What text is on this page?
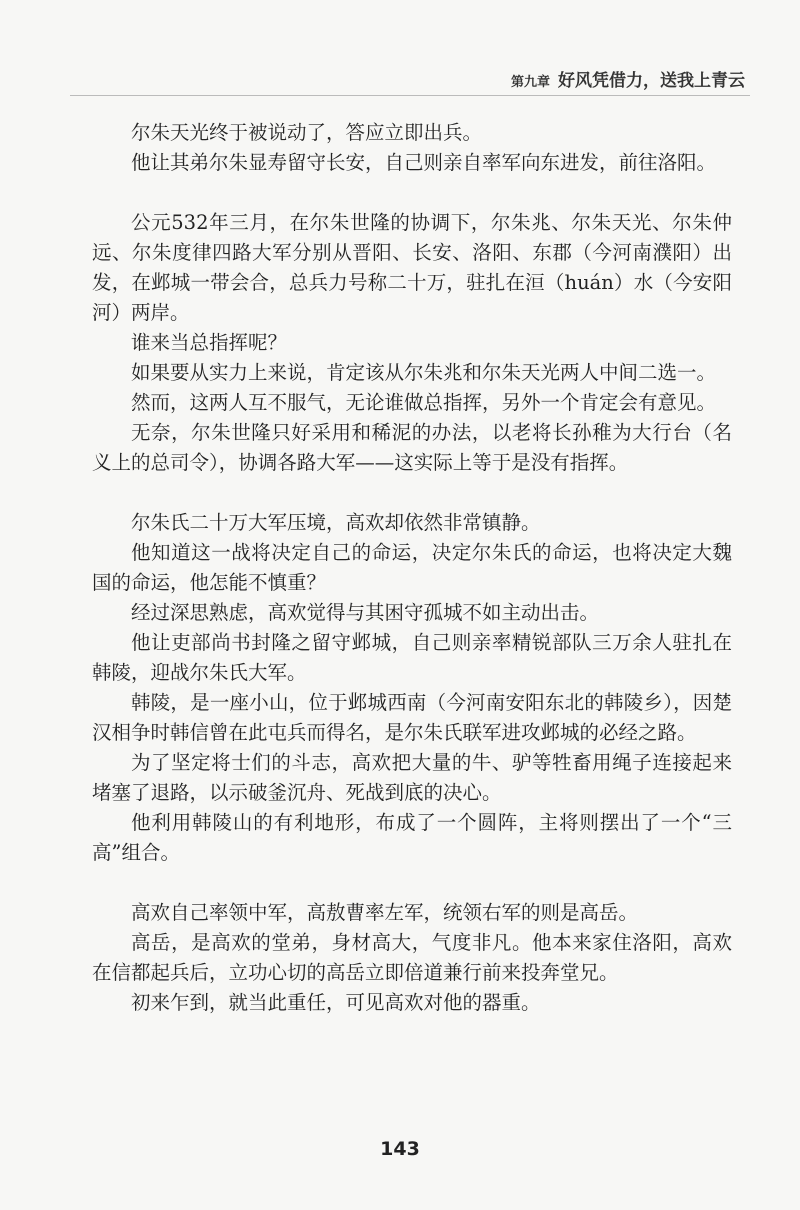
第九章 好风凭借力，送我上青云

尔朱天光终于被说动了，答应立即出兵。

他让其弟尔朱显寿留守长安，自己则亲自率军向东进发，前往洛阳。

公元532年三月，在尔朱世隆的协调下，尔朱兆、尔朱天光、尔朱仲远、尔朱度律四路大军分别从晋阳、长安、洛阳、东郡（今河南濮阳）出发，在邺城一带会合，总兵力号称二十万，驻扎在洹（huán）水（今安阳河）两岸。

谁来当总指挥呢？

如果要从实力上来说，肯定该从尔朱兆和尔朱天光两人中间二选一。

然而，这两人互不服气，无论谁做总指挥，另外一个肯定会有意见。

无奈，尔朱世隆只好采用和稀泥的办法，以老将长孙稚为大行台（名义上的总司令），协调各路大军——这实际上等于是没有指挥。

尔朱氏二十万大军压境，高欢却依然非常镇静。

他知道这一战将决定自己的命运，决定尔朱氏的命运，也将决定大魏国的命运，他怎能不慎重？

经过深思熟虑，高欢觉得与其困守孤城不如主动出击。

他让吏部尚书封隆之留守邺城，自己则亲率精锐部队三万余人驻扎在韩陵，迎战尔朱氏大军。

韩陵，是一座小山，位于邺城西南（今河南安阳东北的韩陵乡），因楚汉相争时韩信曾在此屯兵而得名，是尔朱氏联军进攻邺城的必经之路。

为了坚定将士们的斗志，高欢把大量的牛、驴等牲畜用绳子连接起来堵塞了退路，以示破釜沉舟、死战到底的决心。

他利用韩陵山的有利地形，布成了一个圆阵，主将则摆出了一个“三高”组合。

高欢自己率领中军，高敖曹率左军，统领右军的则是高岳。

高岳，是高欢的堂弟，身材高大，气度非凡。他本来家住洛阳，高欢在信都起兵后，立功心切的高岳立即倍道兼行前来投奔堂兄。

初来乍到，就当此重任，可见高欢对他的器重。

143
